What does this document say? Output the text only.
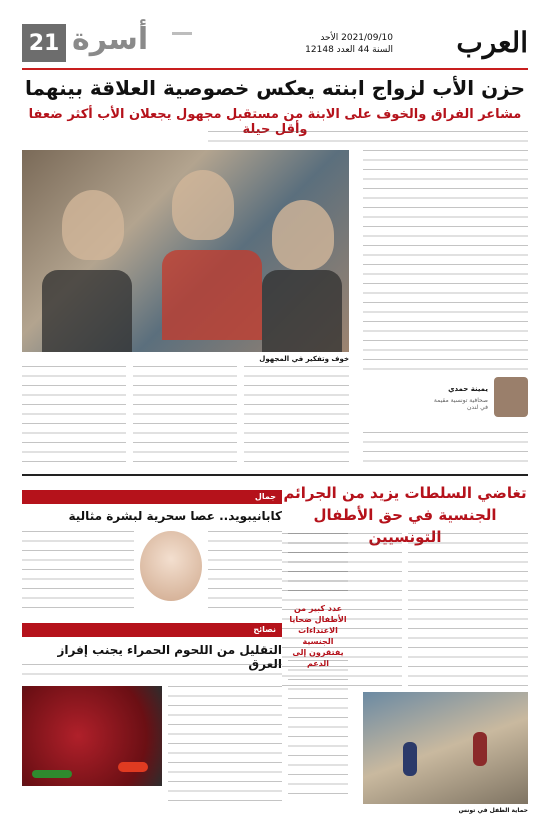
21 أسرة	2021/09/10 الأحد
السنة 44 العدد 12148 العرب
حزن الأب لزواج ابنته يعكس خصوصية العلاقة بينهما
مشاعر الفراق والخوف على الابنة من مستقبل مجهول يجعلان الأب أكثر ضعفا وأقل حيلة
خوف وتفكير في المجهول
يمينة حمدي
صحافية تونسية مقيمة في لندن
تغاضي السلطات يزيد من الجرائم الجنسية في حق الأطفال التونسيين
عدد كبير من الأطفال ضحايا الاعتداءات الجنسية يفتقرون إلى الدعم
حماية الطفل في تونس
جمال
كابانيبويد.. عصا سحرية لبشرة مثالية
نصائح
التقليل من اللحوم الحمراء يجنب إفراز العرق
